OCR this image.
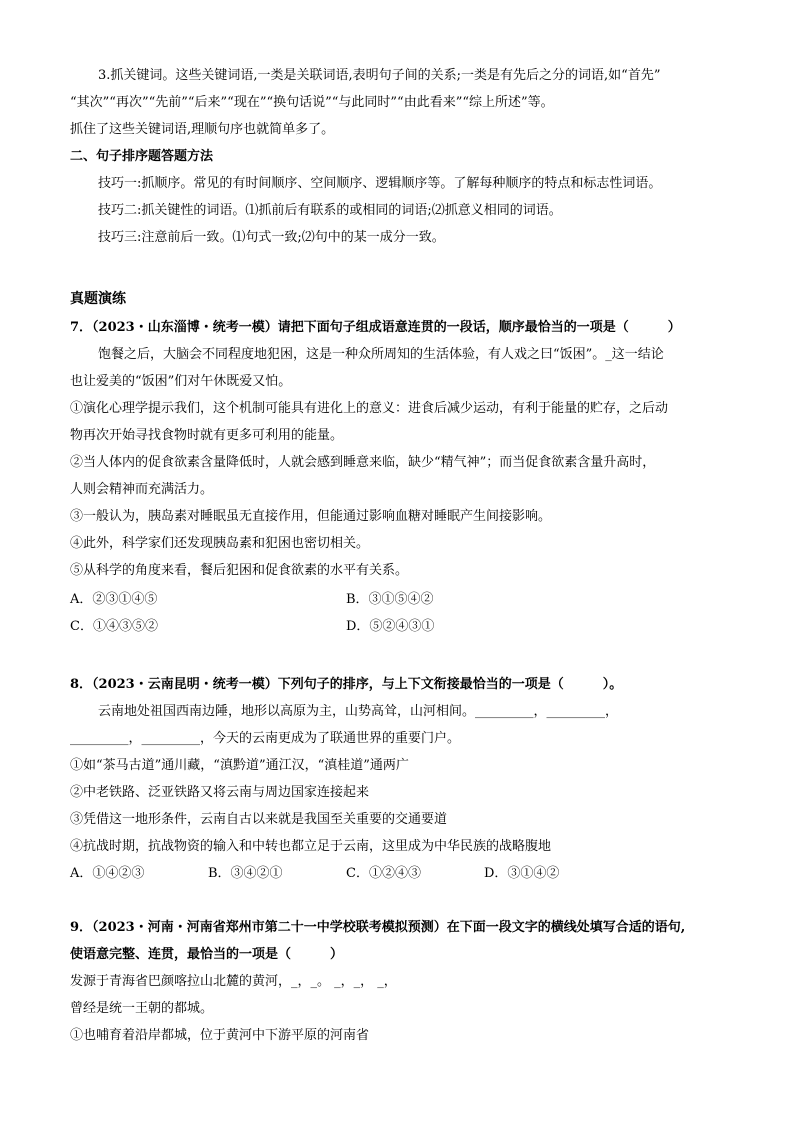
3.抓关键词。这些关键词语,一类是关联词语,表明句子间的关系;一类是有先后之分的词语,如“首先”
“其次”“再次”“先前”“后来”“现在”“换句话说”“与此同时”“由此看来”“综上所述”等。
抓住了这些关键词语,理顺句序也就简单多了。
二、句子排序题答题方法
技巧一:抓顺序。常见的有时间顺序、空间顺序、逻辑顺序等。了解每种顺序的特点和标志性词语。
技巧二:抓关键性的词语。⑴抓前后有联系的或相同的词语;⑵抓意义相同的词语。
技巧三:注意前后一致。⑴句式一致;⑵句中的某一成分一致。
真题演练
7．（2023・山东淄博・统考一模）请把下面句子组成语意连贯的一段话，顺序最恰当的一项是（　　　）
饱餐之后，大脑会不同程度地犯困，这是一种众所周知的生活体验，有人戏之曰“饭困”。_这一结论
也让爱美的“饭困”们对午休既爱又怕。
①演化心理学提示我们，这个机制可能具有进化上的意义：进食后减少运动，有利于能量的贮存，之后动
物再次开始寻找食物时就有更多可利用的能量。
②当人体内的促食欲素含量降低时，人就会感到睡意来临，缺少“精气神”；而当促食欲素含量升高时，
人则会精神而充满活力。
③一般认为，胰岛素对睡眠虽无直接作用，但能通过影响血糖对睡眠产生间接影响。
④此外，科学家们还发现胰岛素和犯困也密切相关。
⑤从科学的角度来看，餐后犯困和促食欲素的水平有关系。
A．②③①④⑤	B．③①⑤④②
C．①④③⑤②	D．⑤②④③①
8．（2023・云南昆明・统考一模）下列句子的排序，与上下文衔接最恰当的一项是（　　　）。
云南地处祖国西南边陲，地形以高原为主，山势高耸，山河相间。_________，_________，
_________，_________，今天的云南更成为了联通世界的重要门户。
①如“茶马古道”通川藏，“滇黔道”通江汉，“滇桂道”通两广
②中老铁路、泛亚铁路又将云南与周边国家连接起来
③凭借这一地形条件，云南自古以来就是我国至关重要的交通要道
④抗战时期，抗战物资的输入和中转也都立足于云南，这里成为中华民族的战略腹地
A．①④②③	B．③④②①	C．①②④③	D．③①④②
9．（2023・河南・河南省郑州市第二十一中学校联考模拟预测）在下面一段文字的横线处填写合适的语句,
使语意完整、连贯，最恰当的一项是（　　　）
发源于青海省巴颜喀拉山北麓的黄河，_，_。 _，_， _，
曾经是统一王朝的都城。
①也哺育着沿岸都城，位于黄河中下游平原的河南省
